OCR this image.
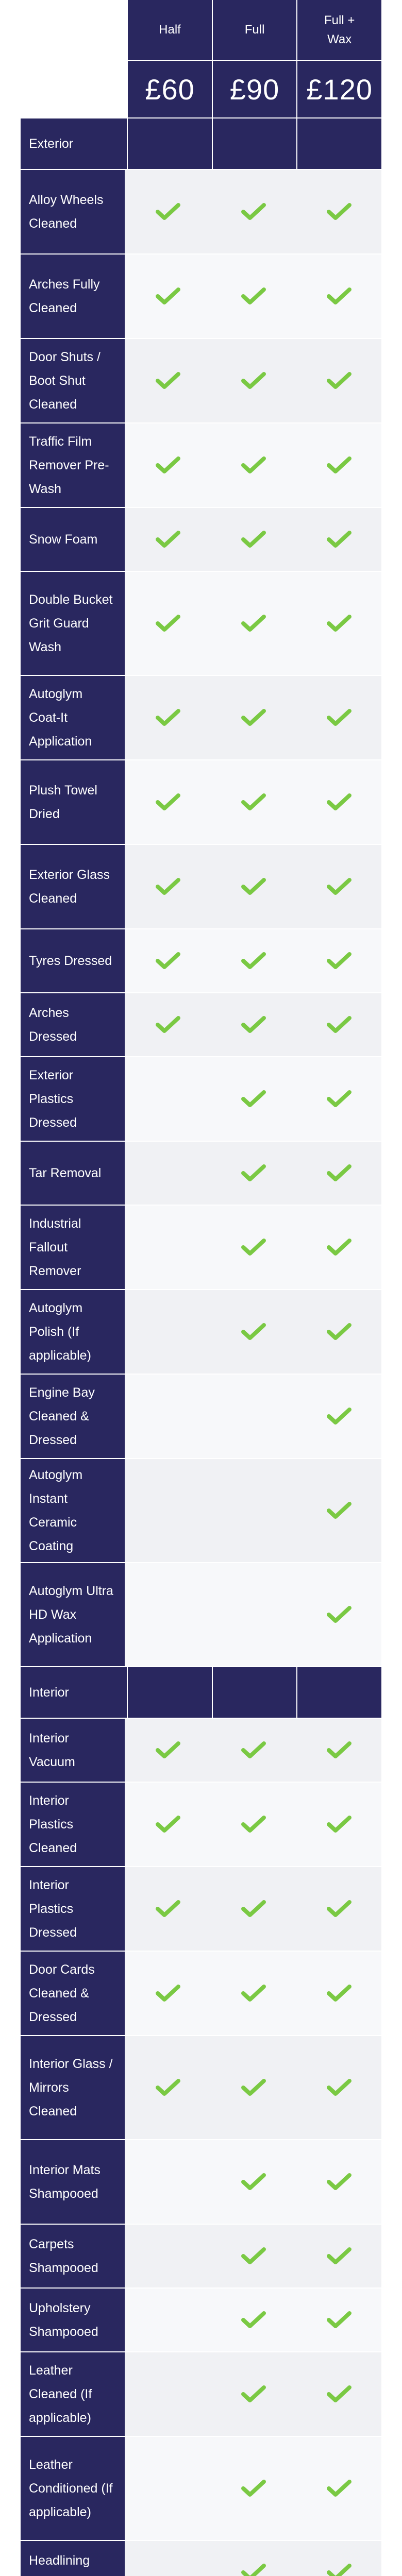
Half
£60
Full
£90
Full +
Wax
£120
Exterior
Alloy Wheels Cleaned
Arches Fully Cleaned
Door Shuts / Boot Shut Cleaned
Traffic Film Remover Pre-Wash
Snow Foam
Double Bucket Grit Guard Wash
Autoglym Coat-It Application
Plush Towel Dried
Exterior Glass Cleaned
Tyres Dressed
Arches Dressed
Exterior Plastics Dressed
Tar Removal
Industrial Fallout Remover
Autoglym Polish (If applicable)
Engine Bay Cleaned & Dressed
Autoglym Instant Ceramic Coating
Autoglym Ultra HD Wax Application
Interior
Interior Vacuum
Interior Plastics Cleaned
Interior Plastics Dressed
Door Cards Cleaned & Dressed
Interior Glass / Mirrors Cleaned
Interior Mats Shampooed
Carpets Shampooed
Upholstery Shampooed
Leather Cleaned (If applicable)
Leather Conditioned (If applicable)
Headlining
